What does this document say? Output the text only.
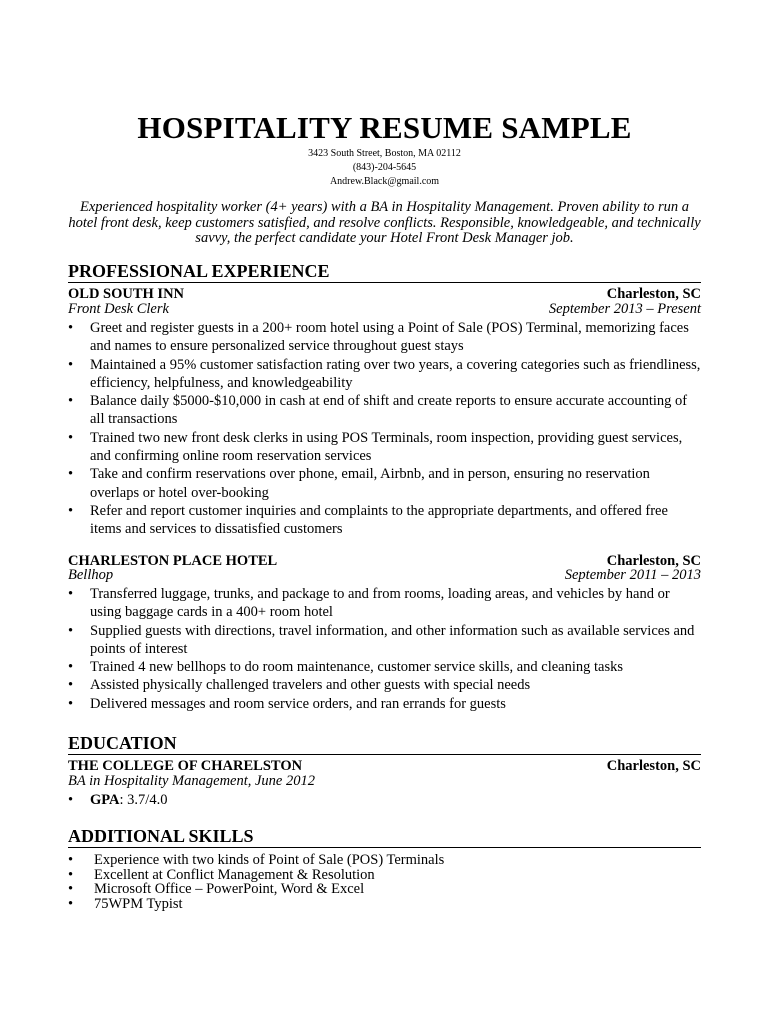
HOSPITALITY RESUME SAMPLE
3423 South Street, Boston, MA 02112
(843)-204-5645
Andrew.Black@gmail.com
Experienced hospitality worker (4+ years) with a BA in Hospitality Management. Proven ability to run a hotel front desk, keep customers satisfied, and resolve conflicts. Responsible, knowledgeable, and technically savvy, the perfect candidate your Hotel Front Desk Manager job.
PROFESSIONAL EXPERIENCE
OLD SOUTH INN	Charleston, SC
Front Desk Clerk	September 2013 – Present
• Greet and register guests in a 200+ room hotel using a Point of Sale (POS) Terminal, memorizing faces and names to ensure personalized service throughout guest stays
• Maintained a 95% customer satisfaction rating over two years, a covering categories such as friendliness, efficiency, helpfulness, and knowledgeability
• Balance daily $5000-$10,000 in cash at end of shift and create reports to ensure accurate accounting of all transactions
• Trained two new front desk clerks in using POS Terminals, room inspection, providing guest services, and confirming online room reservation services
• Take and confirm reservations over phone, email, Airbnb, and in person, ensuring no reservation overlaps or hotel over-booking
• Refer and report customer inquiries and complaints to the appropriate departments, and offered free items and services to dissatisfied customers
CHARLESTON PLACE HOTEL	Charleston, SC
Bellhop	September 2011 – 2013
• Transferred luggage, trunks, and package to and from rooms, loading areas, and vehicles by hand or using baggage cards in a 400+ room hotel
• Supplied guests with directions, travel information, and other information such as available services and points of interest
• Trained 4 new bellhops to do room maintenance, customer service skills, and cleaning tasks
• Assisted physically challenged travelers and other guests with special needs
• Delivered messages and room service orders, and ran errands for guests
EDUCATION
THE COLLEGE OF CHARELSTON	Charleston, SC
BA in Hospitality Management, June 2012
• GPA: 3.7/4.0
ADDITIONAL SKILLS
• Experience with two kinds of Point of Sale (POS) Terminals
• Excellent at Conflict Management & Resolution
• Microsoft Office – PowerPoint, Word & Excel
• 75WPM Typist
